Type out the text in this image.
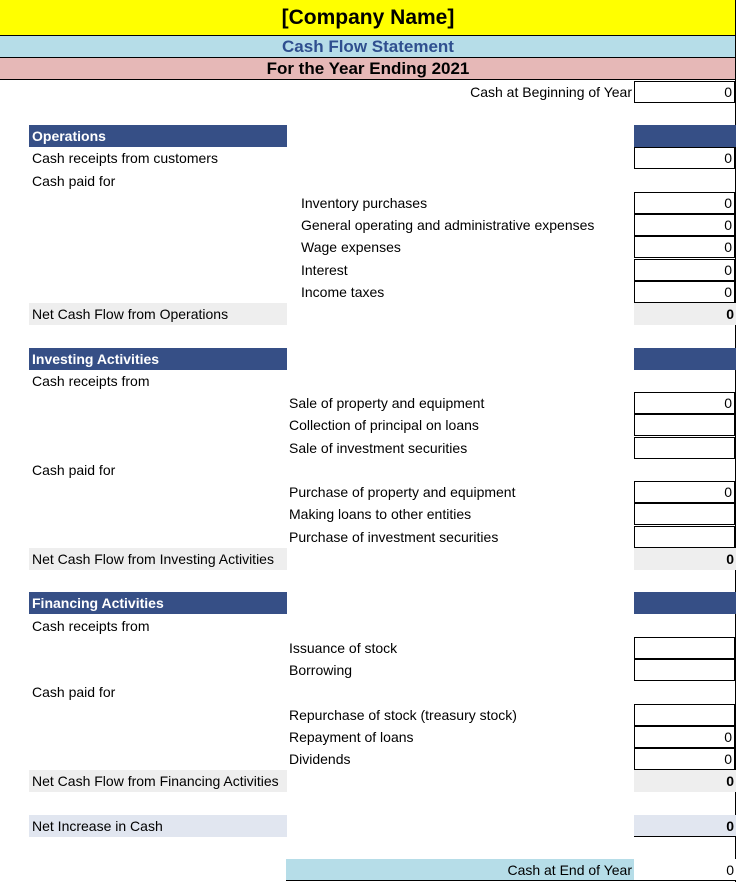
[Company Name]
Cash Flow Statement
For the Year Ending 2021
Cash at Beginning of Year	0
Operations
Cash receipts from customers	0
Cash paid for
Inventory purchases	0
General operating and administrative expenses	0
Wage expenses	0
Interest	0
Income taxes	0
Net Cash Flow from Operations	0
Investing Activities
Cash receipts from
Sale of property and equipment	0
Collection of principal on loans
Sale of investment securities
Cash paid for
Purchase of property and equipment	0
Making loans to other entities
Purchase of investment securities
Net Cash Flow from Investing Activities	0
Financing Activities
Cash receipts from
Issuance of stock
Borrowing
Cash paid for
Repurchase of stock (treasury stock)
Repayment of loans	0
Dividends	0
Net Cash Flow from Financing Activities	0
Net Increase in Cash	0
Cash at End of Year	0
